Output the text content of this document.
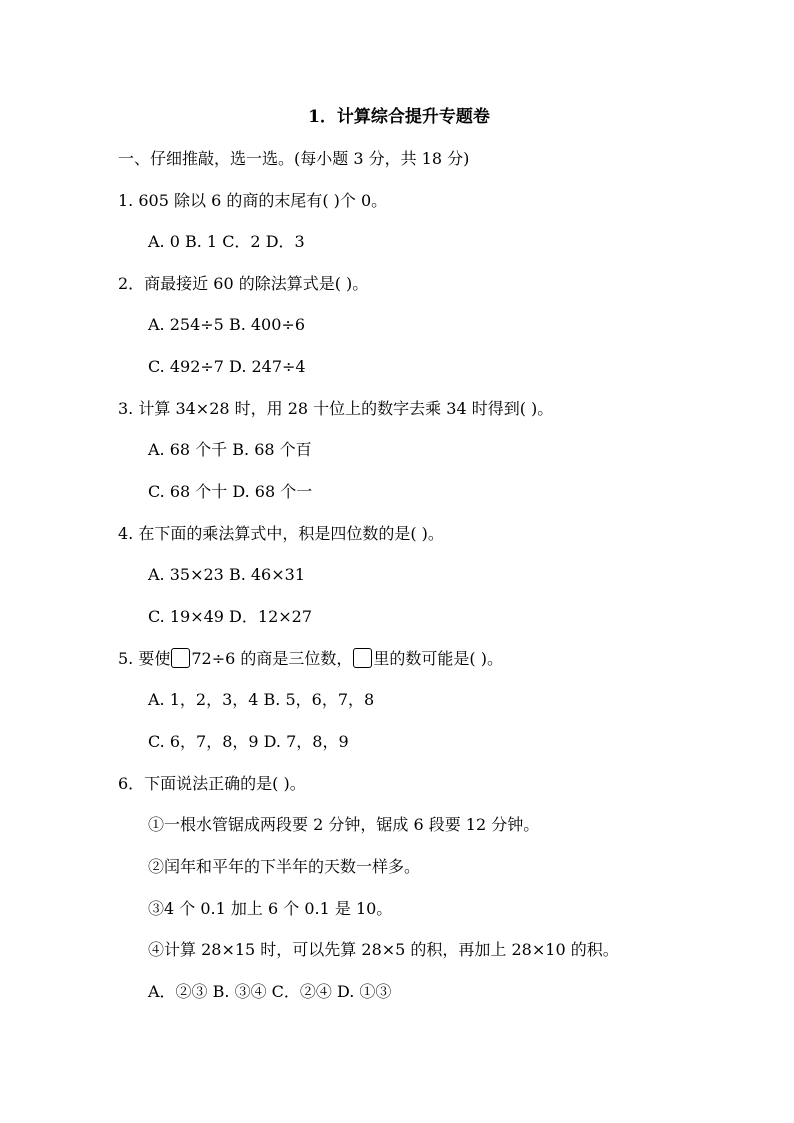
1．计算综合提升专题卷
一、仔细推敲，选一选。(每小题 3 分，共 18 分)
1. 605 除以 6 的商的末尾有( )个 0。
A. 0 B. 1 C．2 D．3
2．商最接近 60 的除法算式是( )。
A. 254÷5 B. 400÷6
C. 492÷7 D. 247÷4
3. 计算 34×28 时，用 28 十位上的数字去乘 34 时得到( )。
A. 68 个千 B. 68 个百
C. 68 个十 D. 68 个一
4. 在下面的乘法算式中，积是四位数的是( )。
A. 35×23 B. 46×31
C. 19×49 D．12×27
5. 要使 72÷6 的商是三位数， 里的数可能是( )。
A. 1，2，3，4 B. 5，6，7，8
C. 6，7，8，9 D. 7，8，9
6．下面说法正确的是( )。
①一根水管锯成两段要 2 分钟，锯成 6 段要 12 分钟。
②闰年和平年的下半年的天数一样多。
③4 个 0.1 加上 6 个 0.1 是 10。
④计算 28×15 时，可以先算 28×5 的积，再加上 28×10 的积。
A．②③ B. ③④ C．②④ D. ①③
